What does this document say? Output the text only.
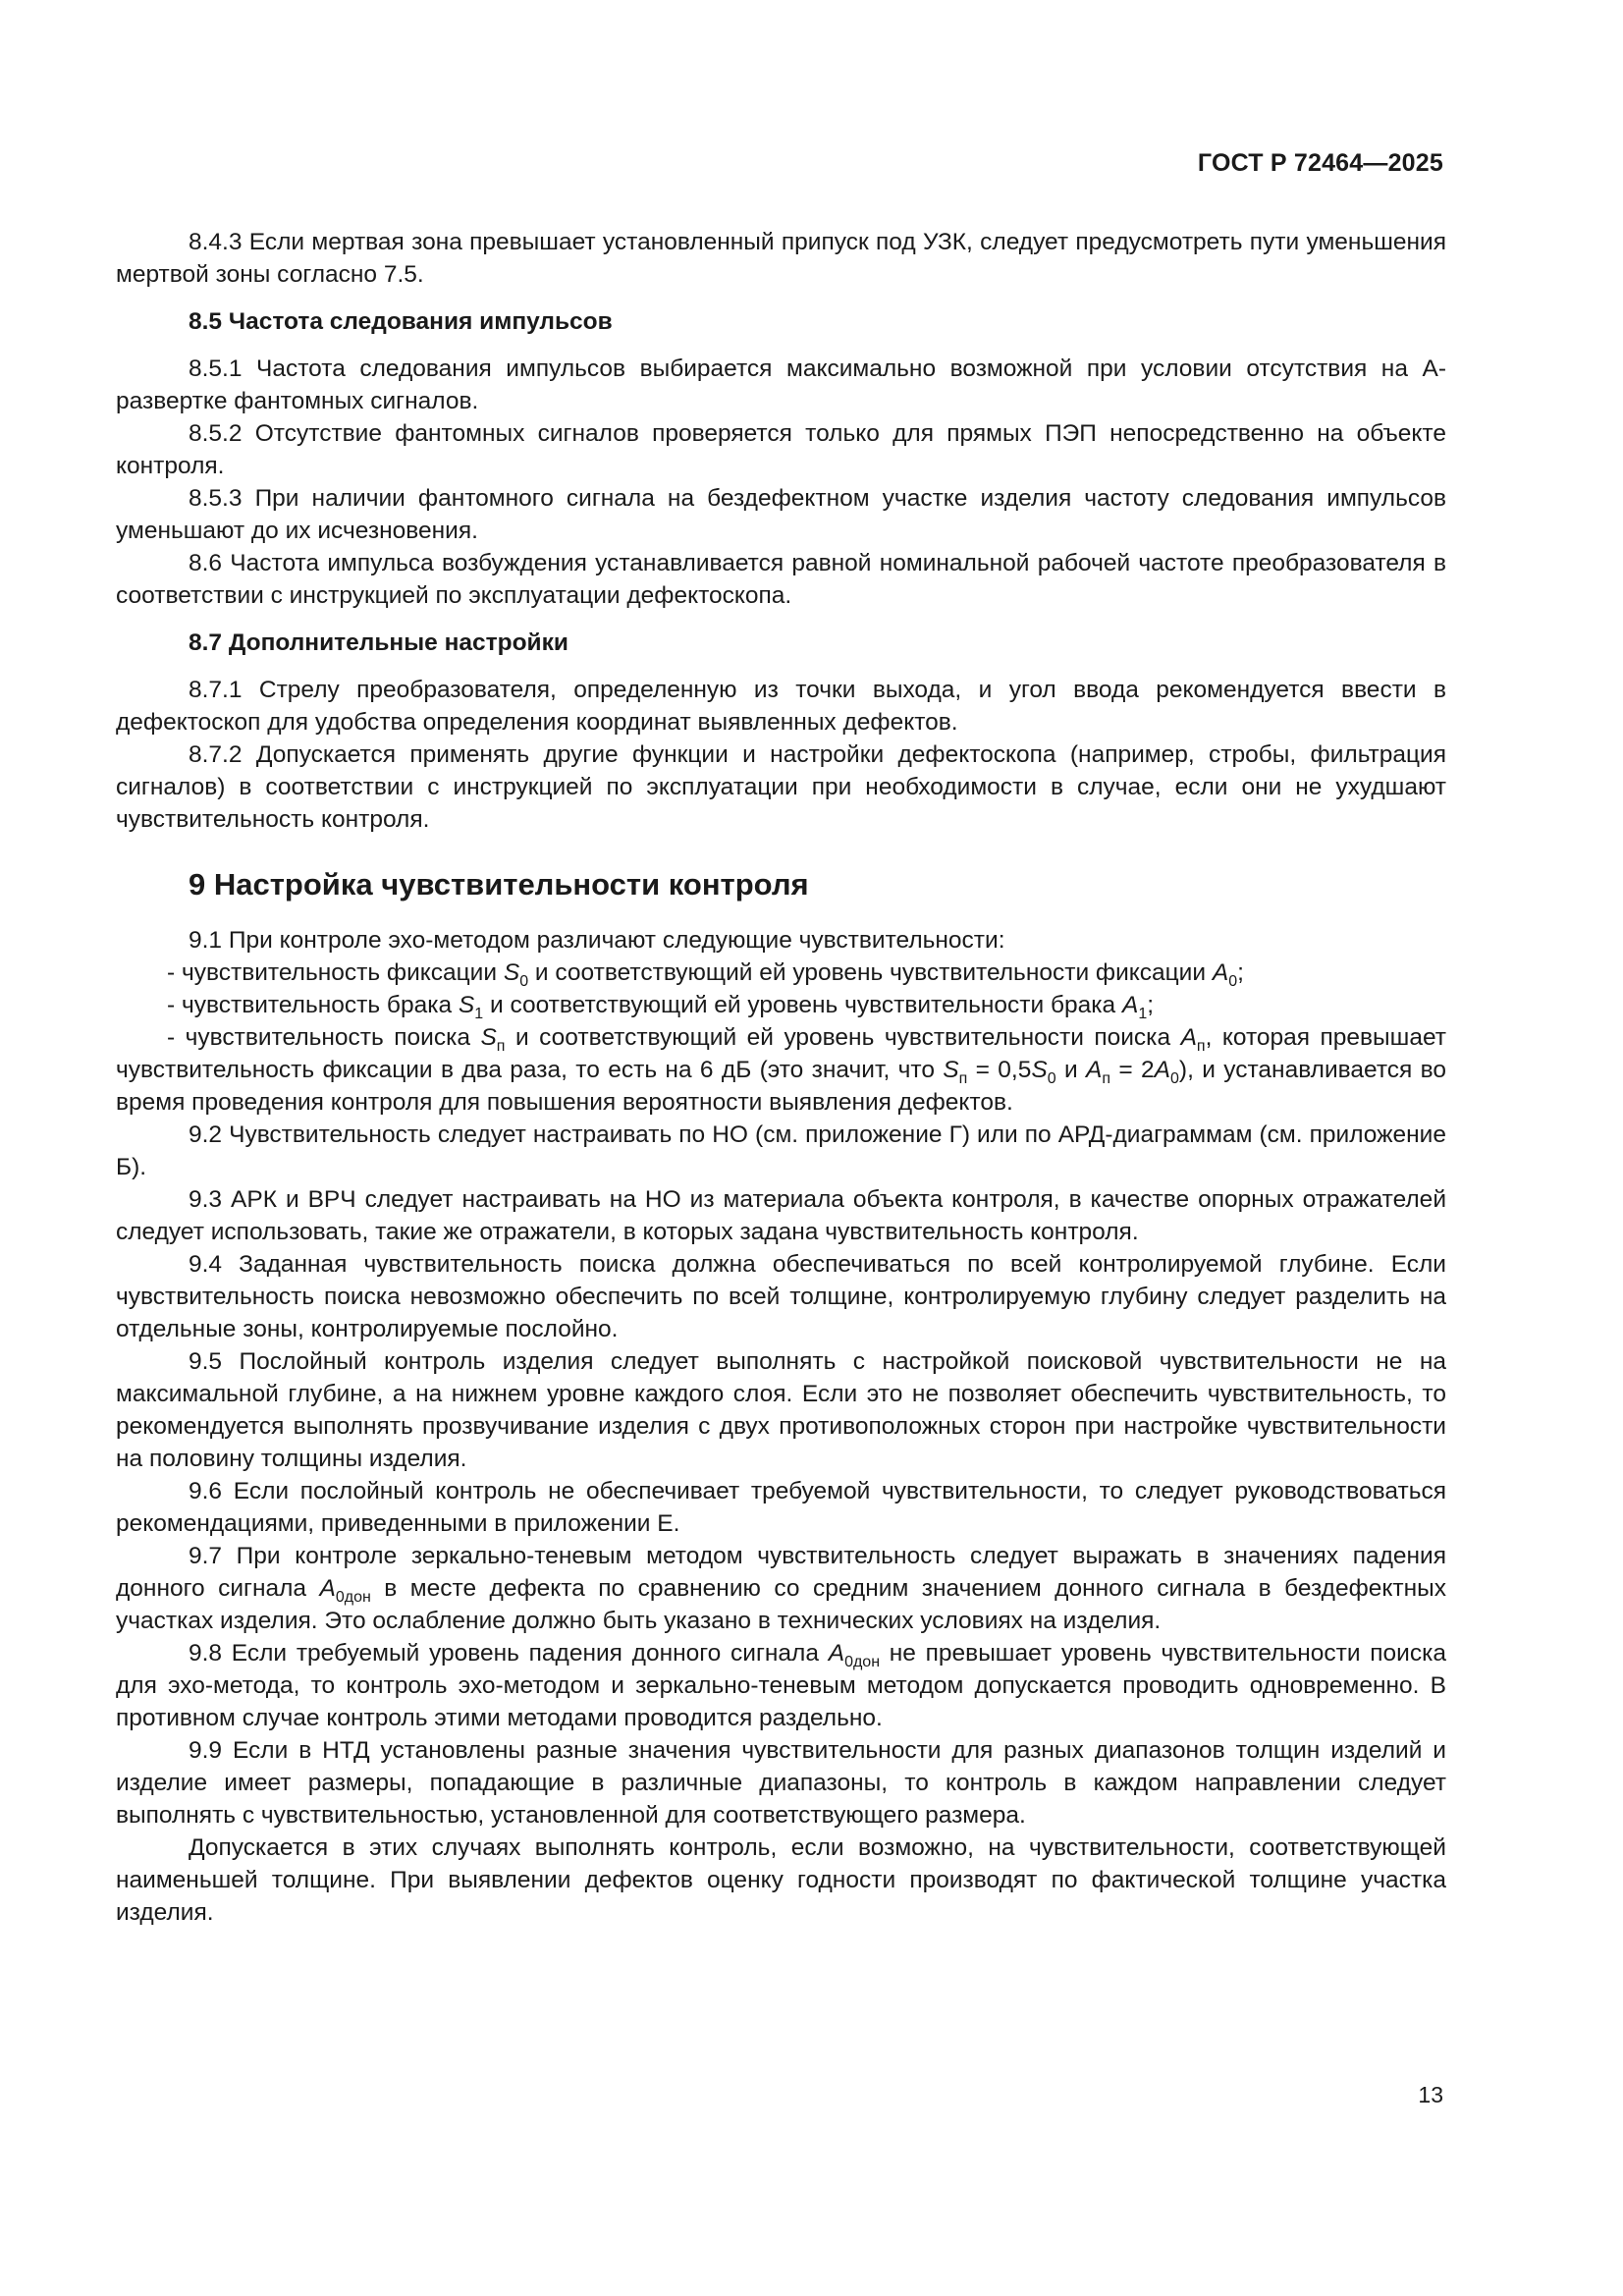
ГОСТ Р 72464—2025

8.4.3 Если мертвая зона превышает установленный припуск под УЗК, следует предусмотреть пути уменьшения мертвой зоны согласно 7.5.

8.5 Частота следования импульсов

8.5.1 Частота следования импульсов выбирается максимально возможной при условии отсутствия на А-развертке фантомных сигналов.

8.5.2 Отсутствие фантомных сигналов проверяется только для прямых ПЭП непосредственно на объекте контроля.

8.5.3 При наличии фантомного сигнала на бездефектном участке изделия частоту следования импульсов уменьшают до их исчезновения.

8.6 Частота импульса возбуждения устанавливается равной номинальной рабочей частоте преобразователя в соответствии с инструкцией по эксплуатации дефектоскопа.

8.7 Дополнительные настройки

8.7.1 Стрелу преобразователя, определенную из точки выхода, и угол ввода рекомендуется ввести в дефектоскоп для удобства определения координат выявленных дефектов.

8.7.2 Допускается применять другие функции и настройки дефектоскопа (например, стробы, фильтрация сигналов) в соответствии с инструкцией по эксплуатации при необходимости в случае, если они не ухудшают чувствительность контроля.

9 Настройка чувствительности контроля

9.1 При контроле эхо-методом различают следующие чувствительности:

- чувствительность фиксации $S_0$ и соответствующий ей уровень чувствительности фиксации $A_0$;

- чувствительность брака $S_1$ и соответствующий ей уровень чувствительности брака $A_1$;

- чувствительность поиска $S_п$ и соответствующий ей уровень чувствительности поиска $A_п$, которая превышает чувствительность фиксации в два раза, то есть на 6 дБ (это значит, что $S_п = 0,5S_0$ и $A_п = 2A_0$), и устанавливается во время проведения контроля для повышения вероятности выявления дефектов.

9.2 Чувствительность следует настраивать по НО (см. приложение Г) или по АРД-диаграммам (см. приложение Б).

9.3 АРК и ВРЧ следует настраивать на НО из материала объекта контроля, в качестве опорных отражателей следует использовать, такие же отражатели, в которых задана чувствительность контроля.

9.4 Заданная чувствительность поиска должна обеспечиваться по всей контролируемой глубине. Если чувствительность поиска невозможно обеспечить по всей толщине, контролируемую глубину следует разделить на отдельные зоны, контролируемые послойно.

9.5 Послойный контроль изделия следует выполнять с настройкой поисковой чувствительности не на максимальной глубине, а на нижнем уровне каждого слоя. Если это не позволяет обеспечить чувствительность, то рекомендуется выполнять прозвучивание изделия с двух противоположных сторон при настройке чувствительности на половину толщины изделия.

9.6 Если послойный контроль не обеспечивает требуемой чувствительности, то следует руководствоваться рекомендациями, приведенными в приложении Е.

9.7 При контроле зеркально-теневым методом чувствительность следует выражать в значениях падения донного сигнала $A_{0дон}$ в месте дефекта по сравнению со средним значением донного сигнала в бездефектных участках изделия. Это ослабление должно быть указано в технических условиях на изделия.

9.8 Если требуемый уровень падения донного сигнала $A_{0дон}$ не превышает уровень чувствительности поиска для эхо-метода, то контроль эхо-методом и зеркально-теневым методом допускается проводить одновременно. В противном случае контроль этими методами проводится раздельно.

9.9 Если в НТД установлены разные значения чувствительности для разных диапазонов толщин изделий и изделие имеет размеры, попадающие в различные диапазоны, то контроль в каждом направлении следует выполнять с чувствительностью, установленной для соответствующего размера.

Допускается в этих случаях выполнять контроль, если возможно, на чувствительности, соответствующей наименьшей толщине. При выявлении дефектов оценку годности производят по фактической толщине участка изделия.

13
